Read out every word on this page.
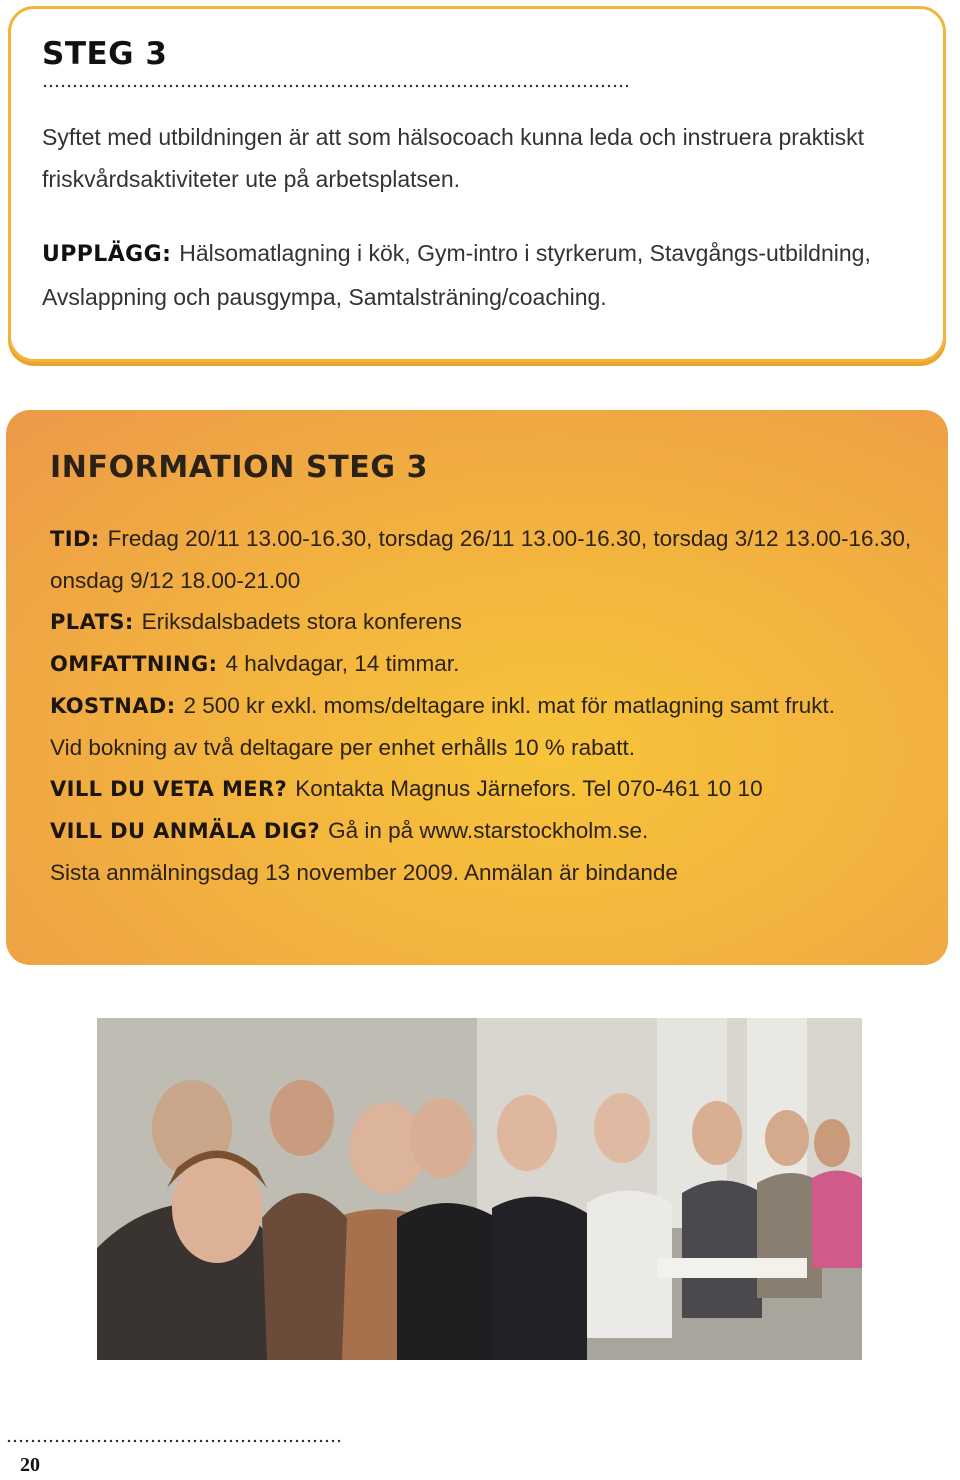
STEG 3

Syftet med utbildningen är att som hälsocoach kunna leda och instruera praktiskt friskvårdsaktiviteter ute på arbetsplatsen.

UPPLÄGG: Hälsomatlagning i kök, Gym-intro i styrkerum, Stavgångs-utbildning, Avslappning och pausgympa, Samtalsträning/coaching.

INFORMATION STEG 3

TID: Fredag 20/11 13.00-16.30, torsdag 26/11 13.00-16.30, torsdag 3/12 13.00-16.30, onsdag 9/12 18.00-21.00

PLATS: Eriksdalsbadets stora konferens

OMFATTNING: 4 halvdagar, 14 timmar.

KOSTNAD: 2 500 kr exkl. moms/deltagare inkl. mat för matlagning samt frukt.

Vid bokning av två deltagare per enhet erhålls 10 % rabatt.

VILL DU VETA MER? Kontakta Magnus Järnefors. Tel 070-461 10 10

VILL DU ANMÄLA DIG? Gå in på www.starstockholm.se.

Sista anmälningsdag 13 november 2009. Anmälan är bindande

20
